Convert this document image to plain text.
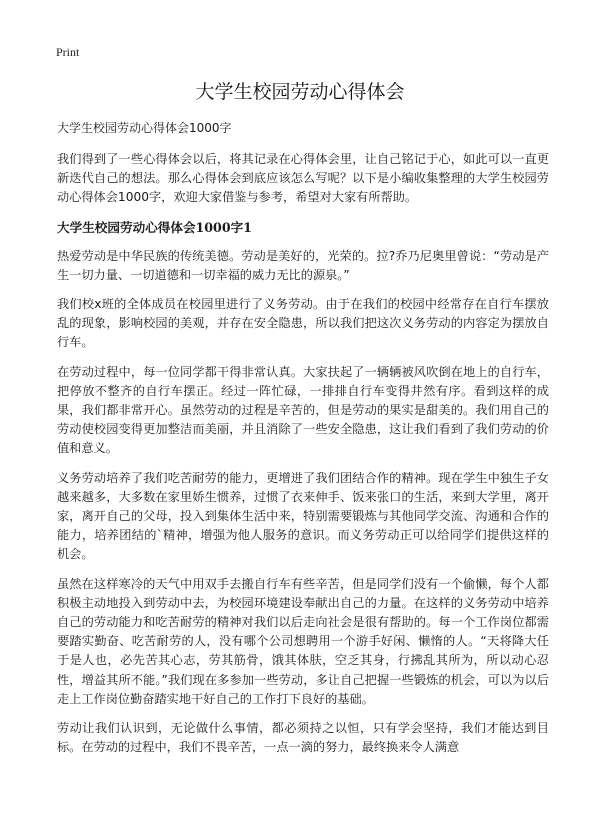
Print
大学生校园劳动心得体会

大学生校园劳动心得体会1000字

我们得到了一些心得体会以后，将其记录在心得体会里，让自己铭记于心，如此可以一直更新迭代自己的想法。那么心得体会到底应该怎么写呢？以下是小编收集整理的大学生校园劳动心得体会1000字，欢迎大家借鉴与参考，希望对大家有所帮助。

大学生校园劳动心得体会1000字1

热爱劳动是中华民族的传统美德。劳动是美好的，光荣的。拉?乔乃尼奥里曾说：“劳动是产生一切力量、一切道德和一切幸福的威力无比的源泉。”

我们校x班的全体成员在校园里进行了义务劳动。由于在我们的校园中经常存在自行车摆放乱的现象，影响校园的美观，并存在安全隐患，所以我们把这次义务劳动的内容定为摆放自行车。

在劳动过程中，每一位同学都干得非常认真。大家扶起了一辆辆被风吹倒在地上的自行车，把停放不整齐的自行车摆正。经过一阵忙碌，一排排自行车变得井然有序。看到这样的成果，我们都非常开心。虽然劳动的过程是辛苦的，但是劳动的果实是甜美的。我们用自己的劳动使校园变得更加整洁而美丽，并且消除了一些安全隐患，这让我们看到了我们劳动的价值和意义。

义务劳动培养了我们吃苦耐劳的能力，更增进了我们团结合作的精神。现在学生中独生子女越来越多，大多数在家里娇生惯养，过惯了衣来伸手、饭来张口的生活，来到大学里，离开家，离开自己的父母，投入到集体生活中来，特别需要锻炼与其他同学交流、沟通和合作的能力，培养团结的`精神，增强为他人服务的意识。而义务劳动正可以给同学们提供这样的机会。

虽然在这样寒冷的天气中用双手去搬自行车有些辛苦，但是同学们没有一个偷懒，每个人都积极主动地投入到劳动中去，为校园环境建设奉献出自己的力量。在这样的义务劳动中培养自己的劳动能力和吃苦耐劳的精神对我们以后走向社会是很有帮助的。每一个工作岗位都需要踏实勤奋、吃苦耐劳的人，没有哪个公司想聘用一个游手好闲、懒惰的人。“天将降大任于是人也，必先苦其心志，劳其筋骨，饿其体肤，空乏其身，行拂乱其所为，所以动心忍性，增益其所不能。”我们现在多参加一些劳动，多让自己把握一些锻炼的机会，可以为以后走上工作岗位勤奋踏实地干好自己的工作打下良好的基础。

劳动让我们认识到，无论做什么事情，都必须持之以恒，只有学会坚持，我们才能达到目标。在劳动的过程中，我们不畏辛苦，一点一滴的努力，最终换来令人满意
